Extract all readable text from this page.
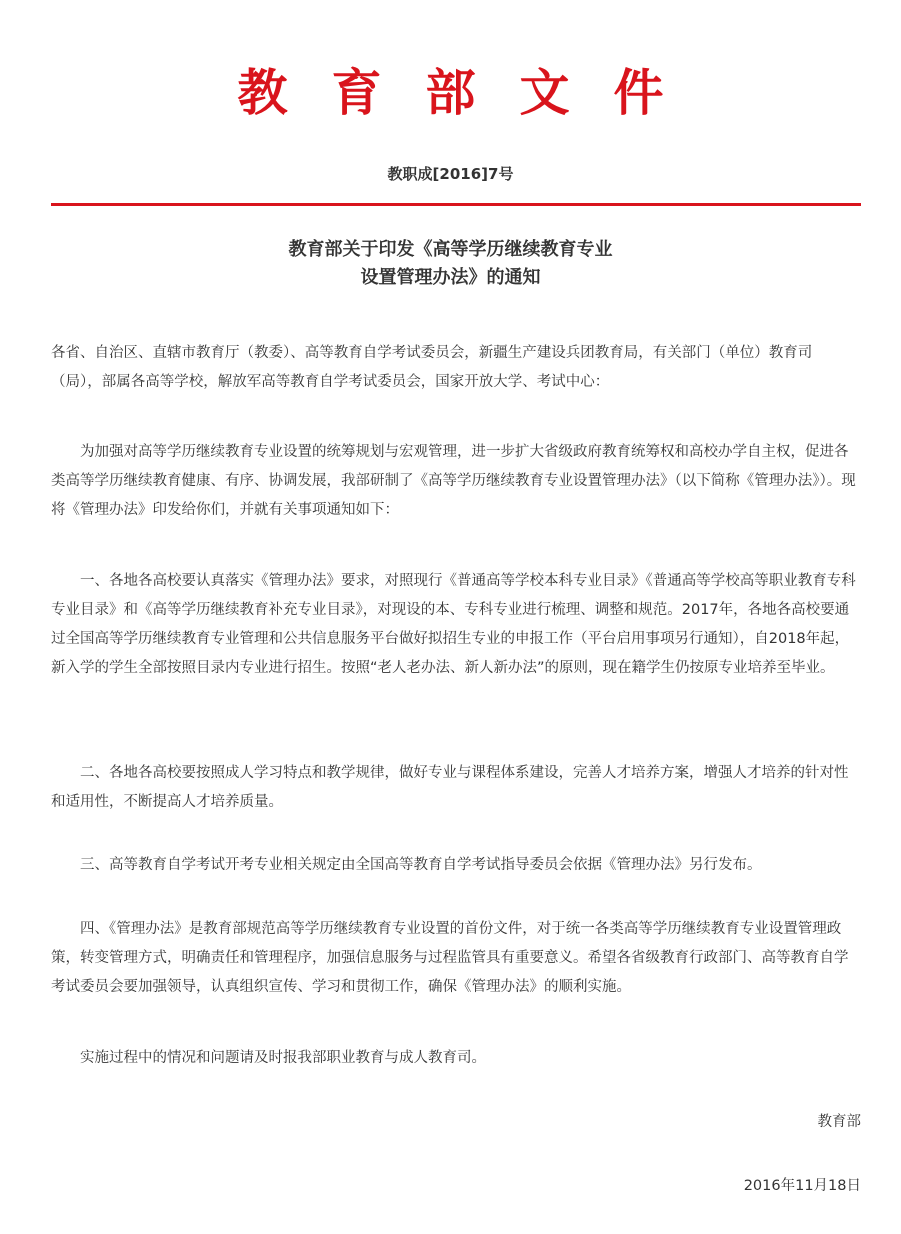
教育部文件
教职成[2016]7号
教育部关于印发《高等学历继续教育专业
设置管理办法》的通知
各省、自治区、直辖市教育厅（教委）、高等教育自学考试委员会，新疆生产建设兵团教育局，有关部门（单位）教育司（局），部属各高等学校，解放军高等教育自学考试委员会，国家开放大学、考试中心：
为加强对高等学历继续教育专业设置的统筹规划与宏观管理，进一步扩大省级政府教育统筹权和高校办学自主权，促进各类高等学历继续教育健康、有序、协调发展，我部研制了《高等学历继续教育专业设置管理办法》（以下简称《管理办法》）。现将《管理办法》印发给你们，并就有关事项通知如下：
一、各地各高校要认真落实《管理办法》要求，对照现行《普通高等学校本科专业目录》《普通高等学校高等职业教育专科专业目录》和《高等学历继续教育补充专业目录》，对现设的本、专科专业进行梳理、调整和规范。2017年，各地各高校要通过全国高等学历继续教育专业管理和公共信息服务平台做好拟招生专业的申报工作（平台启用事项另行通知），自2018年起，新入学的学生全部按照目录内专业进行招生。按照“老人老办法、新人新办法”的原则，现在籍学生仍按原专业培养至毕业。
二、各地各高校要按照成人学习特点和教学规律，做好专业与课程体系建设，完善人才培养方案，增强人才培养的针对性和适用性，不断提高人才培养质量。
三、高等教育自学考试开考专业相关规定由全国高等教育自学考试指导委员会依据《管理办法》另行发布。
四、《管理办法》是教育部规范高等学历继续教育专业设置的首份文件，对于统一各类高等学历继续教育专业设置管理政策，转变管理方式，明确责任和管理程序，加强信息服务与过程监管具有重要意义。希望各省级教育行政部门、高等教育自学考试委员会要加强领导，认真组织宣传、学习和贯彻工作，确保《管理办法》的顺利实施。
实施过程中的情况和问题请及时报我部职业教育与成人教育司。
教育部
2016年11月18日
